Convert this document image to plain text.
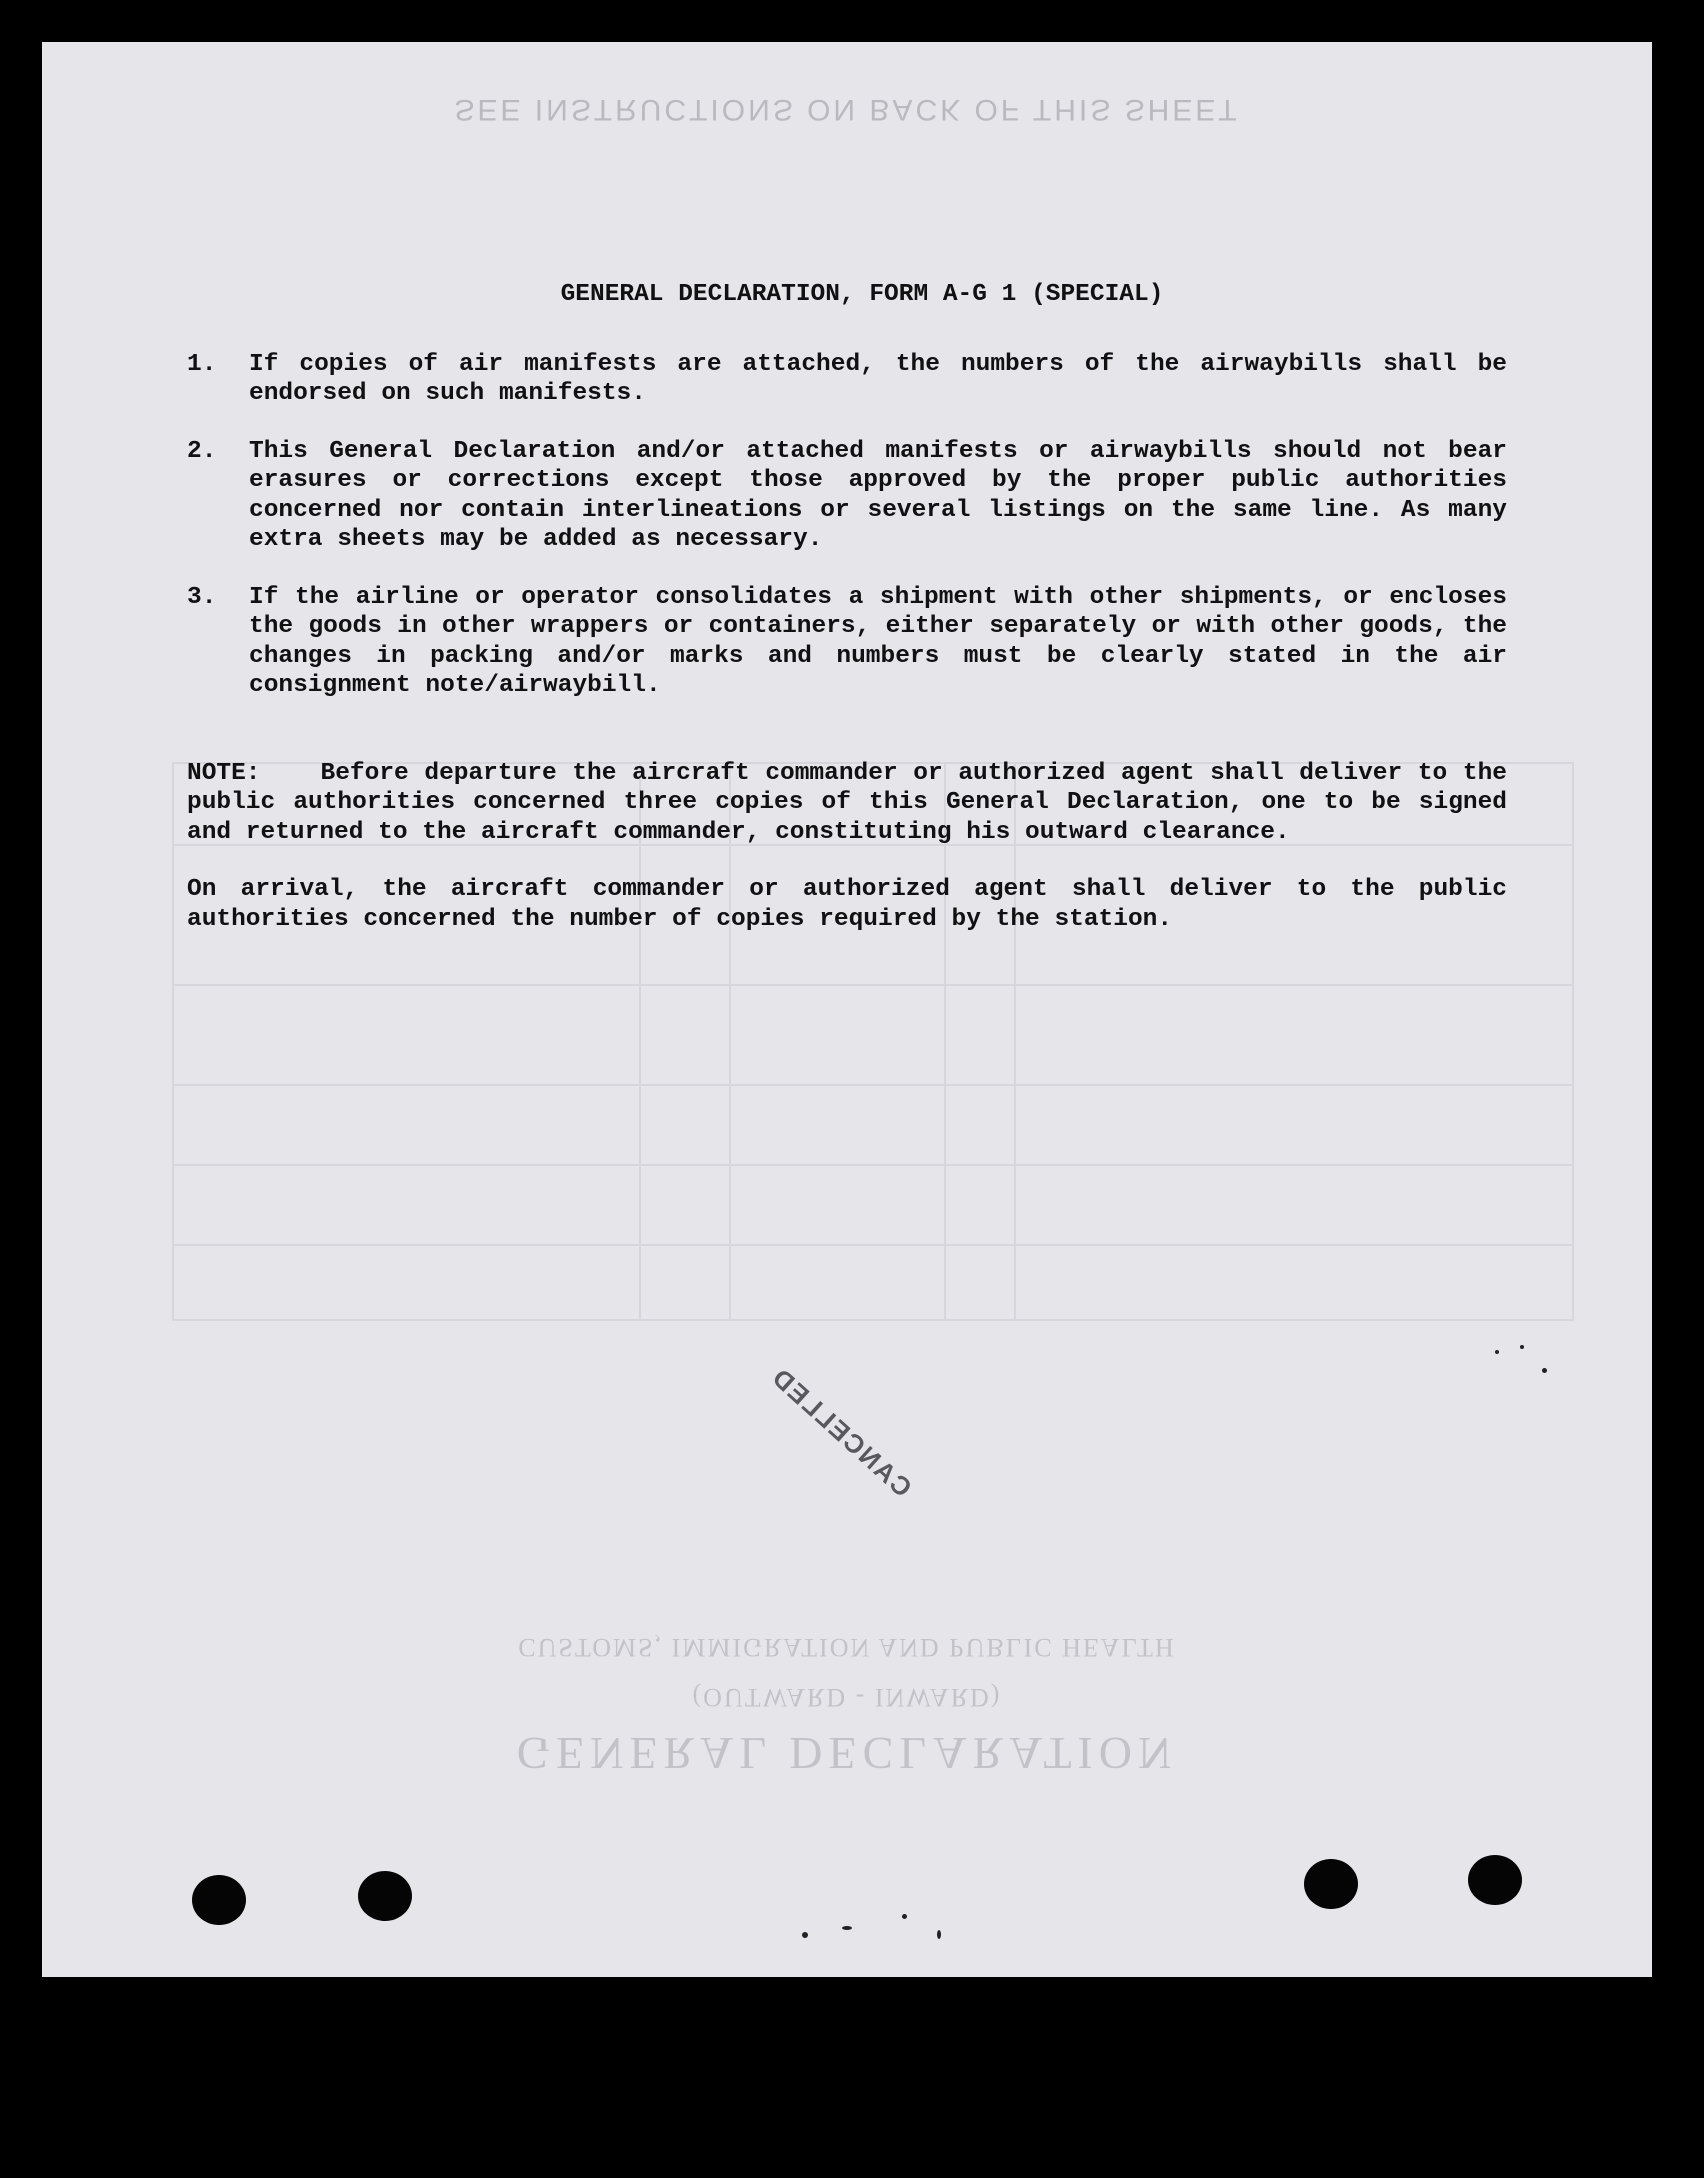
SEE INSTRUCTIONS ON BACK OF THIS SHEET
CUSTOMS, IMMIGRATION AND PUBLIC HEALTH
(OUTWARD - INWARD)
GENERAL DECLARATION
GENERAL DECLARATION, FORM A-G 1 (SPECIAL)
1.	If copies of air manifests are attached, the numbers of the airwaybills shall be endorsed on such manifests.
2.	This General Declaration and/or attached manifests or airwaybills should not bear erasures or corrections except those approved by the proper public authorities concerned nor contain interlineations or several listings on the same line. As many extra sheets may be added as necessary.
3.	If the airline or operator consolidates a shipment with other shipments, or encloses the goods in other wrappers or containers, either separately or with other goods, the changes in packing and/or marks and numbers must be clearly stated in the air consignment note/airwaybill.
NOTE: Before departure the aircraft commander or authorized agent shall deliver to the public authorities concerned three copies of this General Declaration, one to be signed and returned to the aircraft commander, constituting his outward clearance.
On arrival, the aircraft commander or authorized agent shall deliver to the public authorities concerned the number of copies required by the station.
CANCELLED
